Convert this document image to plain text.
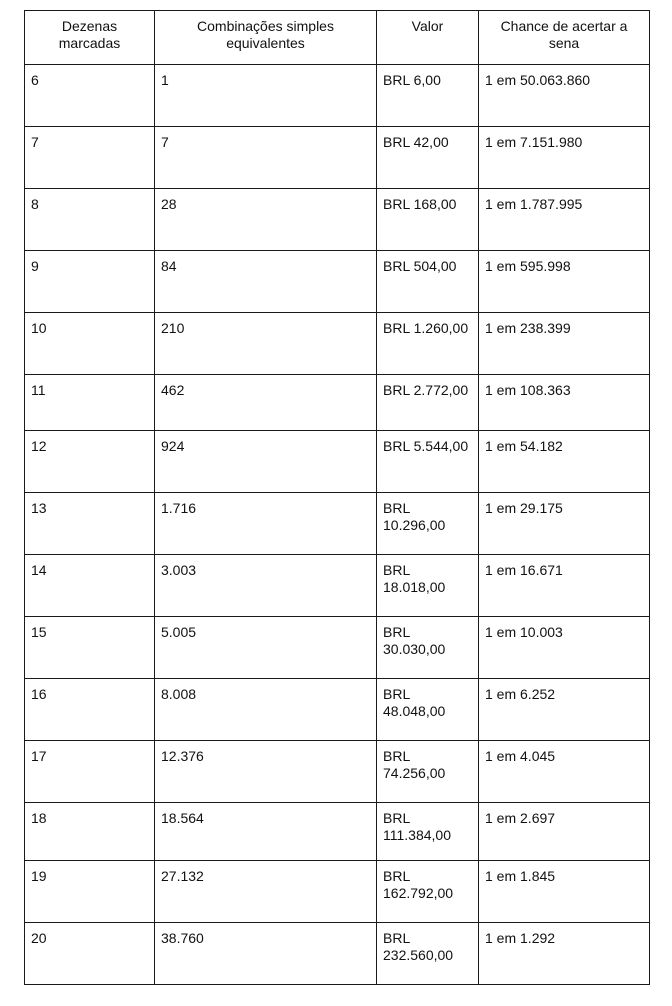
Dezenas marcadas	Combinações simples equivalentes	Valor	Chance de acertar a sena
6	1	BRL 6,00	1 em 50.063.860
7	7	BRL 42,00	1 em 7.151.980
8	28	BRL 168,00	1 em 1.787.995
9	84	BRL 504,00	1 em 595.998
10	210	BRL 1.260,00	1 em 238.399
11	462	BRL 2.772,00	1 em 108.363
12	924	BRL 5.544,00	1 em 54.182
13	1.716	BRL 10.296,00	1 em 29.175
14	3.003	BRL 18.018,00	1 em 16.671
15	5.005	BRL 30.030,00	1 em 10.003
16	8.008	BRL 48.048,00	1 em 6.252
17	12.376	BRL 74.256,00	1 em 4.045
18	18.564	BRL 111.384,00	1 em 2.697
19	27.132	BRL 162.792,00	1 em 1.845
20	38.760	BRL 232.560,00	1 em 1.292
